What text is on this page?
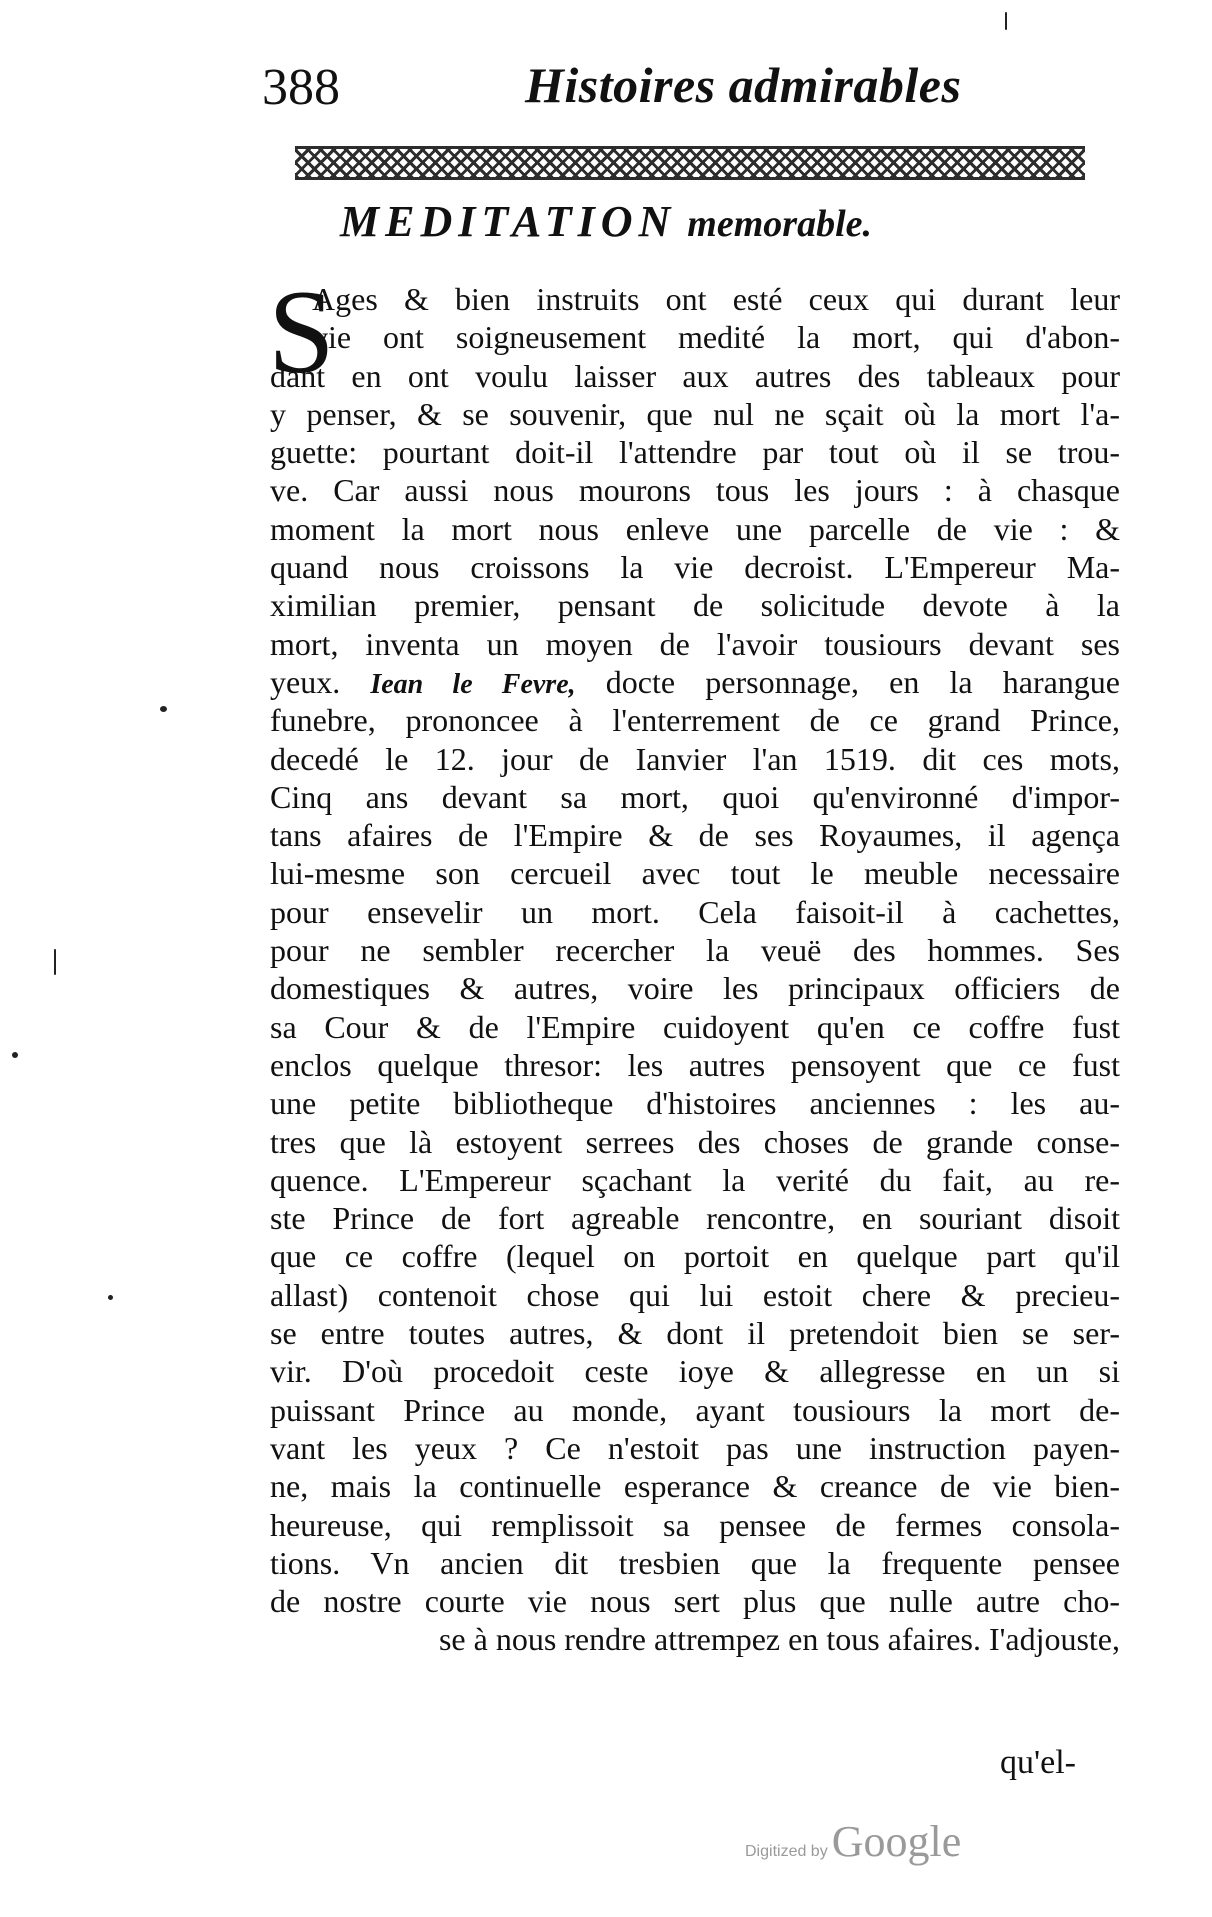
388	Histoires admirables
MEDITATION memorable.
S
Ages & bien instruits ont esté ceux qui durant leur
vie ont soigneusement medité la mort, qui d'abon-
dant en ont voulu laisser aux autres des tableaux pour
y penser, & se souvenir, que nul ne sçait où la mort l'a-
guette: pourtant doit-il l'attendre par tout où il se trou-
ve. Car aussi nous mourons tous les jours : à chasque
moment la mort nous enleve une parcelle de vie : &
quand nous croissons la vie decroist. L'Empereur Ma-
ximilian premier, pensant de solicitude devote à la
mort, inventa un moyen de l'avoir tousiours devant ses
yeux. Iean le Fevre, docte personnage, en la harangue
funebre, prononcee à l'enterrement de ce grand Prince,
decedé le 12. jour de Ianvier l'an 1519. dit ces mots,
Cinq ans devant sa mort, quoi qu'environné d'impor-
tans afaires de l'Empire & de ses Royaumes, il agença
lui-mesme son cercueil avec tout le meuble necessaire
pour ensevelir un mort. Cela faisoit-il à cachettes,
pour ne sembler recercher la veuë des hommes. Ses
domestiques & autres, voire les principaux officiers de
sa Cour & de l'Empire cuidoyent qu'en ce coffre fust
enclos quelque thresor: les autres pensoyent que ce fust
une petite bibliotheque d'histoires anciennes : les au-
tres que là estoyent serrees des choses de grande conse-
quence. L'Empereur sçachant la verité du fait, au re-
ste Prince de fort agreable rencontre, en souriant disoit
que ce coffre (lequel on portoit en quelque part qu'il
allast) contenoit chose qui lui estoit chere & precieu-
se entre toutes autres, & dont il pretendoit bien se ser-
vir. D'où procedoit ceste ioye & allegresse en un si
puissant Prince au monde, ayant tousiours la mort de-
vant les yeux ? Ce n'estoit pas une instruction payen-
ne, mais la continuelle esperance & creance de vie bien-
heureuse, qui remplissoit sa pensee de fermes consola-
tions. Vn ancien dit tresbien que la frequente pensee
de nostre courte vie nous sert plus que nulle autre cho-
se à nous rendre attrempez en tous afaires. I'adjouste,
qu'el-
Digitized by Google
